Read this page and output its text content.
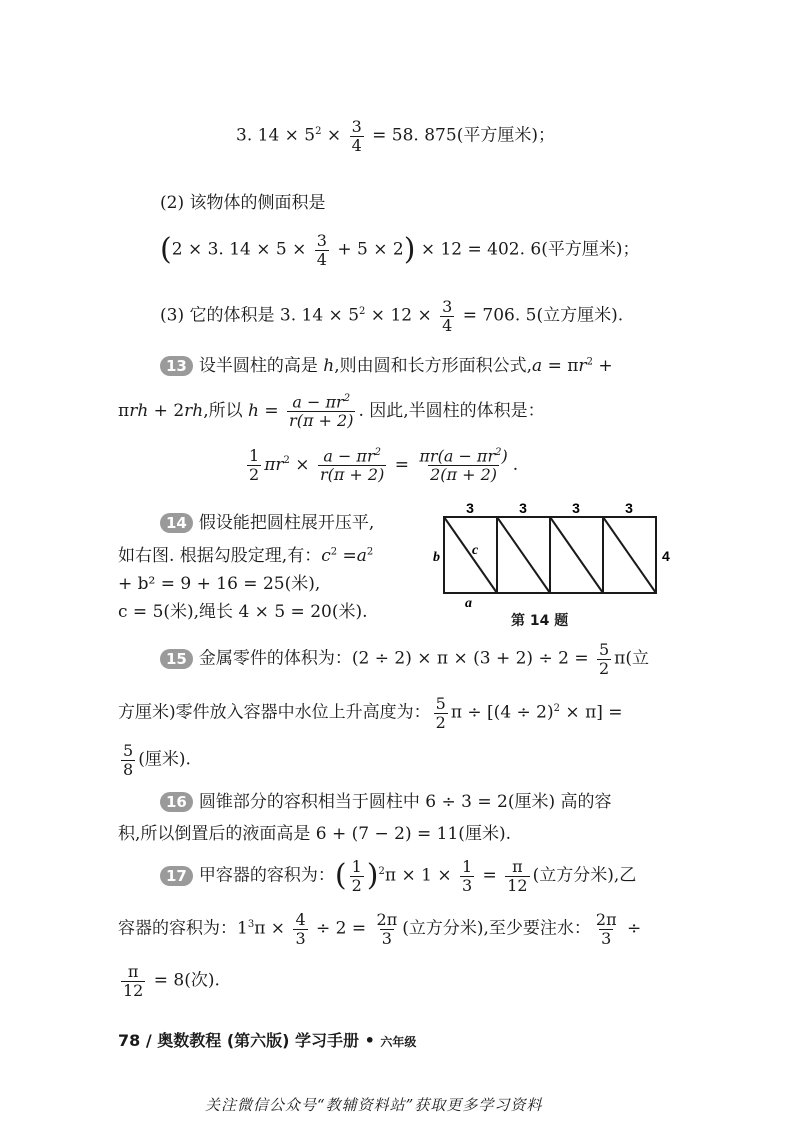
3. $14 \times 5^2 \times \frac{3}{4} = 58$. 875(平方厘米)；
(2) 该物体的侧面积是
(2 × 3. $14 \times 5 \times \frac{3}{4} + 5 \times 2) \times 12 = 402$. 6(平方厘米)；
(3) 它的体积是 3. $14 \times 5^2 \times 12 \times \frac{3}{4} = 706$. 5(立方厘米).
13 设半圆柱的高是 h,则由圆和长方形面积公式$,a = \pi r^2$ +
πrh + 2rh,所以 $h = \frac{a - \pi r^2}{r(\pi + 2)}$ . 因此,半圆柱的体积是：
$\frac{1}{2} \pi r^2 \times \frac{a - \pi r^2}{r(\pi + 2)} = \frac{\pi r(a - \pi r^2)}{2(\pi + 2)}$ .
14 假设能把圆柱展开压平,
如右图. 根据勾股定理,有：$c^2 =a^2$
+ b² = 9 + 16 = 25(米),
c = 5(米),绳长 4 × 5 = 20(米).
3	3	3	3
b	4
c
a
第 14 题
15 金属零件的体积为：$(2 \div 2) \times \pi \times (3 + 2) \div 2 = \frac{5}{2} \pi$(立
方厘米)零件放入容器中水位上升高度为： $\frac{5}{2}$ $\pi \div [(4 \div 2)^2 \times \pi]$ =
$\frac{5}{8}$ (厘米).
16 圆锥部分的容积相当于圆柱中 6 ÷ 3 = 2(厘米) 高的容
积,所以倒置后的液面高是 6 + (7 − 2) = 11(厘米).
17 甲容器的容积为：( $\frac{1}{2} )^2\pi \times 1 \times \frac{1}{3} = \frac{\pi}{12}$ (立方分米),乙
容器的容积为：$1^3\pi \times \frac{4}{3} \div 2 = \frac{2\pi}{3}$ (立方分米),至少要注水： $\frac{2\pi}{3}$ ÷
$\frac{\pi}{12} = 8$(次).
78 / 奥数教程 (第六版) 学习手册 • 六年级
关注微信公众号“教辅资料站”获取更多学习资料
